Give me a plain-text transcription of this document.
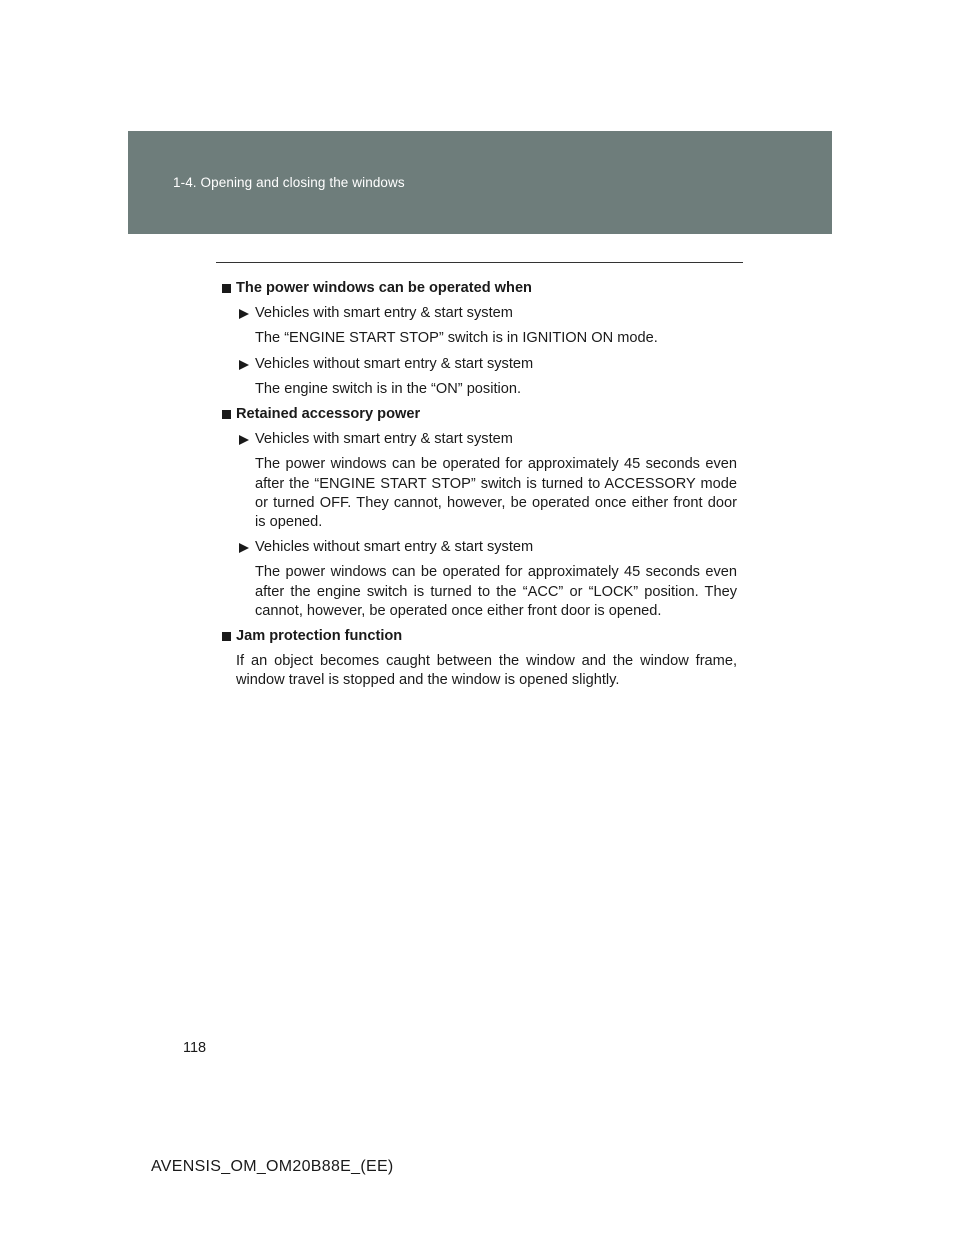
1-4. Opening and closing the windows
The power windows can be operated when
Vehicles with smart entry & start system
The “ENGINE START STOP” switch is in IGNITION ON mode.
Vehicles without smart entry & start system
The engine switch is in the “ON” position.
Retained accessory power
Vehicles with smart entry & start system
The power windows can be operated for approximately 45 seconds even after the “ENGINE START STOP” switch is turned to ACCESSORY mode or turned OFF. They cannot, however, be operated once either front door is opened.
Vehicles without smart entry & start system
The power windows can be operated for approximately 45 seconds even after the engine switch is turned to the “ACC” or “LOCK” position. They cannot, however, be operated once either front door is opened.
Jam protection function
If an object becomes caught between the window and the window frame, window travel is stopped and the window is opened slightly.
118
AVENSIS_OM_OM20B88E_(EE)
